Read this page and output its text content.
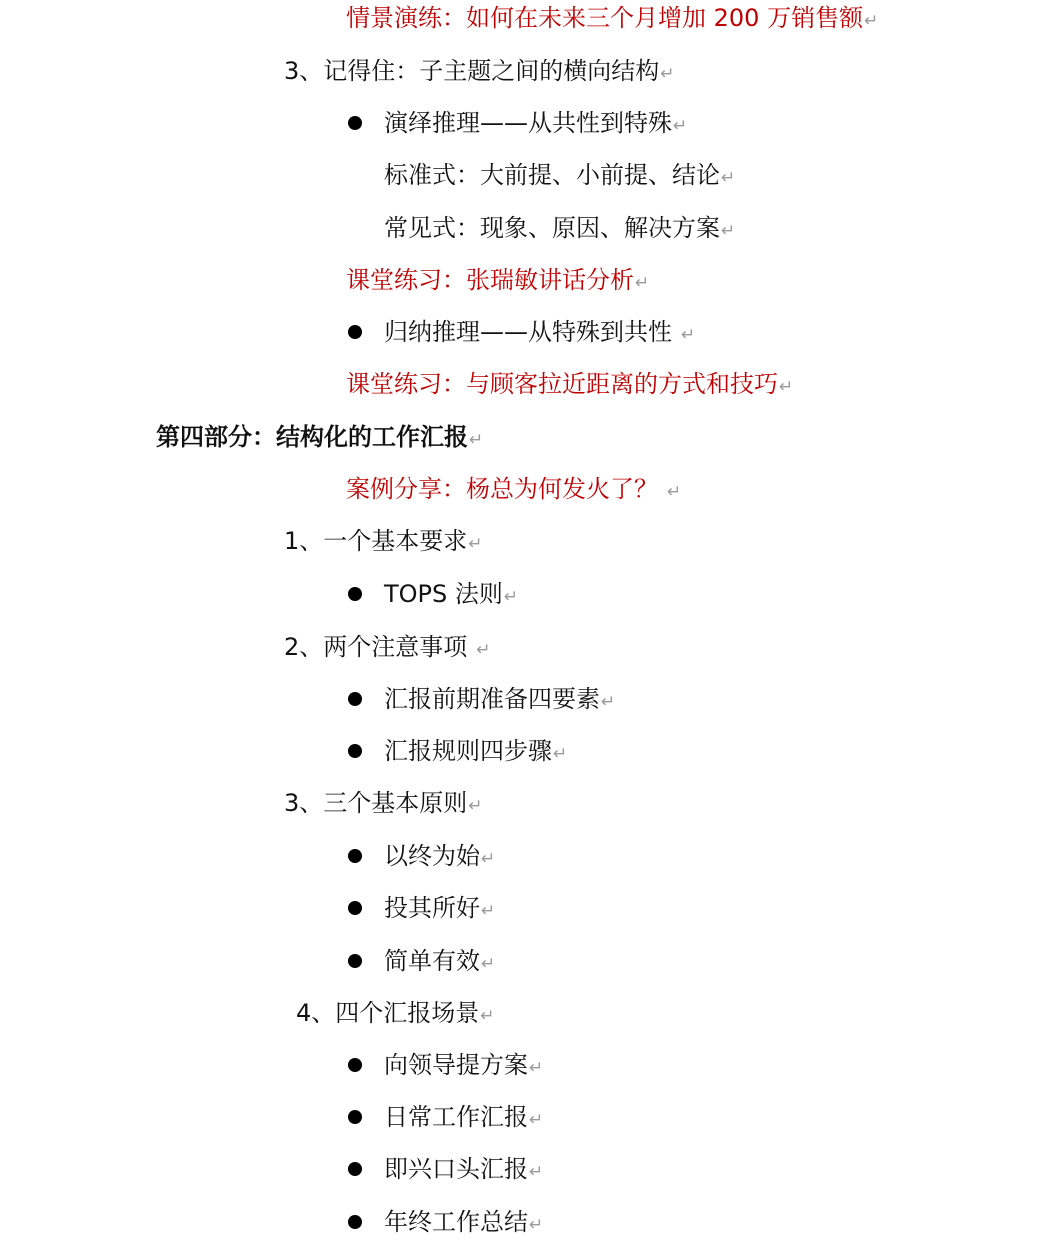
情景演练：如何在未来三个月增加 200 万销售额↵
3、记得住：子主题之间的横向结构↵
演绎推理——从共性到特殊↵
标准式：大前提、小前提、结论↵
常见式：现象、原因、解决方案↵
课堂练习：张瑞敏讲话分析↵
归纳推理——从特殊到共性 ↵
课堂练习：与顾客拉近距离的方式和技巧↵
第四部分：结构化的工作汇报↵
案例分享：杨总为何发火了？ ↵
1、一个基本要求↵
TOPS 法则↵
2、两个注意事项 ↵
汇报前期准备四要素↵
汇报规则四步骤↵
3、三个基本原则↵
以终为始↵
投其所好↵
简单有效↵
4、四个汇报场景↵
向领导提方案↵
日常工作汇报↵
即兴口头汇报↵
年终工作总结↵
